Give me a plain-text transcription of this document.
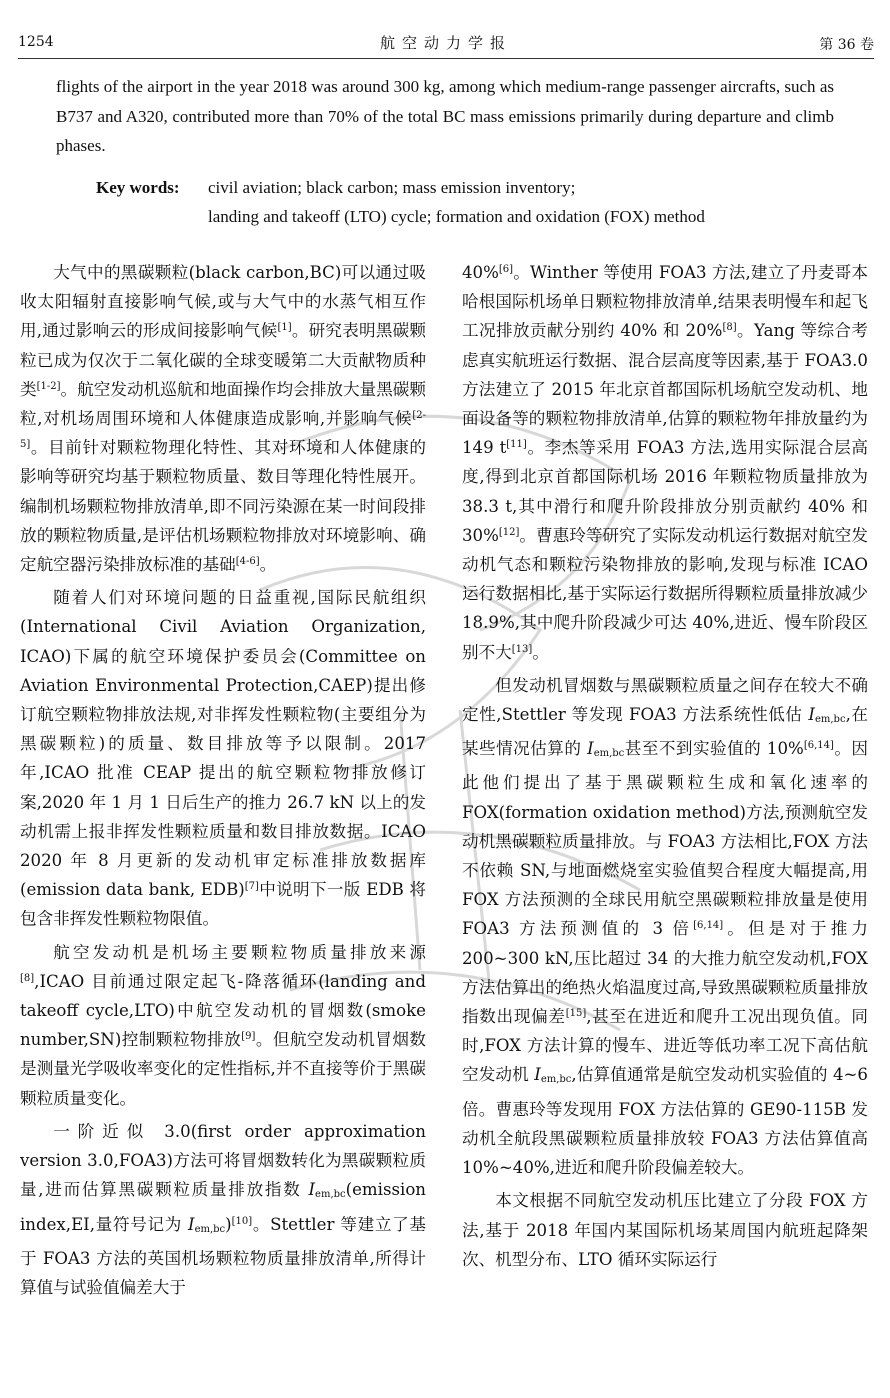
1254	航空动力学报	第 36 卷
flights of the airport in the year 2018 was around 300 kg, among which medium-range passenger aircrafts, such as B737 and A320, contributed more than 70% of the total BC mass emissions primarily during departure and climb phases.
Key words: civil aviation; black carbon; mass emission inventory;
landing and takeoff (LTO) cycle; formation and oxidation (FOX) method

大气中的黑碳颗粒(black carbon,BC)可以通过吸收太阳辐射直接影响气候,或与大气中的水蒸气相互作用,通过影响云的形成间接影响气候[1]。研究表明黑碳颗粒已成为仅次于二氧化碳的全球变暖第二大贡献物质种类[1-2]。航空发动机巡航和地面操作均会排放大量黑碳颗粒,对机场周围环境和人体健康造成影响,并影响气候[2-5]。目前针对颗粒物理化特性、其对环境和人体健康的影响等研究均基于颗粒物质量、数目等理化特性展开。编制机场颗粒物排放清单,即不同污染源在某一时间段排放的颗粒物质量,是评估机场颗粒物排放对环境影响、确定航空器污染排放标准的基础[4-6]。

随着人们对环境问题的日益重视,国际民航组织(International Civil Aviation Organization, ICAO)下属的航空环境保护委员会(Committee on Aviation Environmental Protection,CAEP)提出修订航空颗粒物排放法规,对非挥发性颗粒物(主要组分为黑碳颗粒)的质量、数目排放等予以限制。2017 年,ICAO 批准 CEAP 提出的航空颗粒物排放修订案,2020 年 1 月 1 日后生产的推力 26.7 kN 以上的发动机需上报非挥发性颗粒质量和数目排放数据。ICAO 2020 年 8 月更新的发动机审定标准排放数据库(emission data bank, EDB)[7]中说明下一版 EDB 将包含非挥发性颗粒物限值。

航空发动机是机场主要颗粒物质量排放来源[8],ICAO 目前通过限定起飞-降落循环(landing and takeoff cycle,LTO)中航空发动机的冒烟数(smoke number,SN)控制颗粒物排放[9]。但航空发动机冒烟数是测量光学吸收率变化的定性指标,并不直接等价于黑碳颗粒质量变化。

一阶近似 3.0(first order approximation version 3.0,FOA3)方法可将冒烟数转化为黑碳颗粒质量,进而估算黑碳颗粒质量排放指数 $I_{em,bc}(emission$ index,EI,量符号记为 $I_{em,bc})[10]$。Stettler 等建立了基于 FOA3 方法的英国机场颗粒物质量排放清单,所得计算值与试验值偏差大于

40%[6]。Winther 等使用 FOA3 方法,建立了丹麦哥本哈根国际机场单日颗粒物排放清单,结果表明慢车和起飞工况排放贡献分别约 40% 和 20%[8]。Yang 等综合考虑真实航班运行数据、混合层高度等因素,基于 FOA3.0 方法建立了 2015 年北京首都国际机场航空发动机、地面设备等的颗粒物排放清单,估算的颗粒物年排放量约为 149 t[11]。李杰等采用 FOA3 方法,选用实际混合层高度,得到北京首都国际机场 2016 年颗粒物质量排放为 38.3 t,其中滑行和爬升阶段排放分别贡献约 40% 和 30%[12]。曹惠玲等研究了实际发动机运行数据对航空发动机气态和颗粒污染物排放的影响,发现与标准 ICAO 运行数据相比,基于实际运行数据所得颗粒质量排放减少 18.9%,其中爬升阶段减少可达 40%,进近、慢车阶段区别不大[13]。

但发动机冒烟数与黑碳颗粒质量之间存在较大不确定性,Stettler 等发现 FOA3 方法系统性低估 $I_{em,bc}$,在某些情况估算的 $I_{em,bc}$甚至不到实验值的 10%[6,14]。因此他们提出了基于黑碳颗粒生成和氧化速率的 FOX(formation oxidation method)方法,预测航空发动机黑碳颗粒质量排放。与 FOA3 方法相比,FOX 方法不依赖 SN,与地面燃烧室实验值契合程度大幅提高,用 FOX 方法预测的全球民用航空黑碳颗粒排放量是使用 FOA3 方法预测值的 3 倍[6,14]。但是对于推力 200~300 kN,压比超过 34 的大推力航空发动机,FOX 方法估算出的绝热火焰温度过高,导致黑碳颗粒质量排放指数出现偏差[15],甚至在进近和爬升工况出现负值。同时,FOX 方法计算的慢车、进近等低功率工况下高估航空发动机 $I_{em,bc}$,估算值通常是航空发动机实验值的 4~6 倍。曹惠玲等发现用 FOX 方法估算的 GE90-115B 发动机全航段黑碳颗粒质量排放较 FOA3 方法估算值高 10%~40%,进近和爬升阶段偏差较大。

本文根据不同航空发动机压比建立了分段 FOX 方法,基于 2018 年国内某国际机场某周国内航班起降架次、机型分布、LTO 循环实际运行
